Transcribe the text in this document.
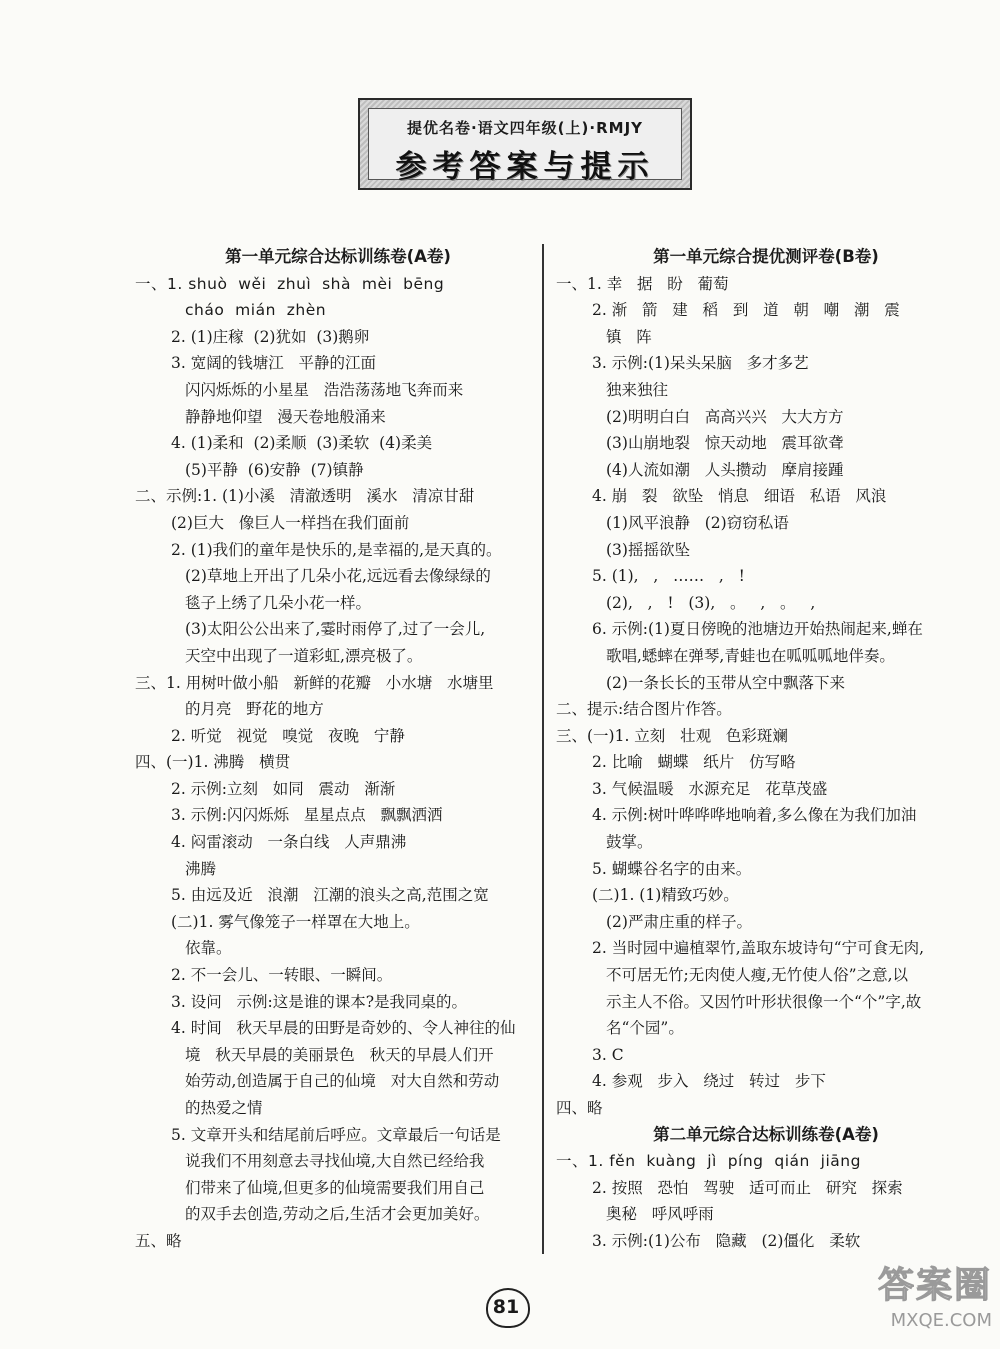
提优名卷·语文四年级(上)·RMJY
参考答案与提示
第一单元综合达标训练卷(A卷)
一、1. shuò  wěi  zhuì  shà  mèi  bēng
cháo  mián  zhèn
2. (1)庄稼  (2)犹如  (3)鹅卵
3. 宽阔的钱塘江   平静的江面
闪闪烁烁的小星星   浩浩荡荡地飞奔而来
静静地仰望   漫天卷地般涌来
4. (1)柔和  (2)柔顺  (3)柔软  (4)柔美
(5)平静  (6)安静  (7)镇静
二、示例:1. (1)小溪   清澈透明   溪水   清凉甘甜
(2)巨大   像巨人一样挡在我们面前
2. (1)我们的童年是快乐的,是幸福的,是天真的。
(2)草地上开出了几朵小花,远远看去像绿绿的
毯子上绣了几朵小花一样。
(3)太阳公公出来了,霎时雨停了,过了一会儿,
天空中出现了一道彩虹,漂亮极了。
三、1. 用树叶做小船   新鲜的花瓣   小水塘   水塘里
的月亮   野花的地方
2. 听觉   视觉   嗅觉   夜晚   宁静
四、(一)1. 沸腾   横贯
2. 示例:立刻   如同   震动   渐渐
3. 示例:闪闪烁烁   星星点点   飘飘洒洒
4. 闷雷滚动   一条白线   人声鼎沸
沸腾
5. 由远及近   浪潮   江潮的浪头之高,范围之宽
(二)1. 雾气像笼子一样罩在大地上。
依靠。
2. 不一会儿、一转眼、一瞬间。
3. 设问   示例:这是谁的课本?是我同桌的。
4. 时间   秋天早晨的田野是奇妙的、令人神往的仙
境   秋天早晨的美丽景色   秋天的早晨人们开
始劳动,创造属于自己的仙境   对大自然和劳动
的热爱之情
5. 文章开头和结尾前后呼应。文章最后一句话是
说我们不用刻意去寻找仙境,大自然已经给我
们带来了仙境,但更多的仙境需要我们用自己
的双手去创造,劳动之后,生活才会更加美好。
五、略
第一单元综合提优测评卷(B卷)
一、1. 幸   据   盼   葡萄
2. 渐   箭   建   稻   到   道   朝   嘲   潮   震
镇   阵
3. 示例:(1)呆头呆脑   多才多艺
独来独往
(2)明明白白   高高兴兴   大大方方
(3)山崩地裂   惊天动地   震耳欲聋
(4)人流如潮   人头攒动   摩肩接踵
4. 崩   裂   欲坠   悄息   细语   私语   风浪
(1)风平浪静   (2)窃窃私语
(3)摇摇欲坠
5. (1),   ,   ……   ,   !
(2),   ,   !   (3),   。   ,   。   ,
6. 示例:(1)夏日傍晚的池塘边开始热闹起来,蝉在
歌唱,蟋蟀在弹琴,青蛙也在呱呱呱地伴奏。
(2)一条长长的玉带从空中飘落下来
二、提示:结合图片作答。
三、(一)1. 立刻   壮观   色彩斑斓
2. 比喻   蝴蝶   纸片   仿写略
3. 气候温暖   水源充足   花草茂盛
4. 示例:树叶哗哗哗地响着,多么像在为我们加油
鼓掌。
5. 蝴蝶谷名字的由来。
(二)1. (1)精致巧妙。
(2)严肃庄重的样子。
2. 当时园中遍植翠竹,盖取东坡诗句“宁可食无肉,
不可居无竹;无肉使人瘦,无竹使人俗”之意,以
示主人不俗。又因竹叶形状很像一个“个”字,故
名“个园”。
3. C
4. 参观   步入   绕过   转过   步下
四、略
第二单元综合达标训练卷(A卷)
一、1. fěn  kuàng  jì  píng  qián  jiāng
2. 按照   恐怕   驾驶   适可而止   研究   探索
奥秘   呼风呼雨
3. 示例:(1)公布   隐藏   (2)僵化   柔软
81
答案圈
MXQE.COM
